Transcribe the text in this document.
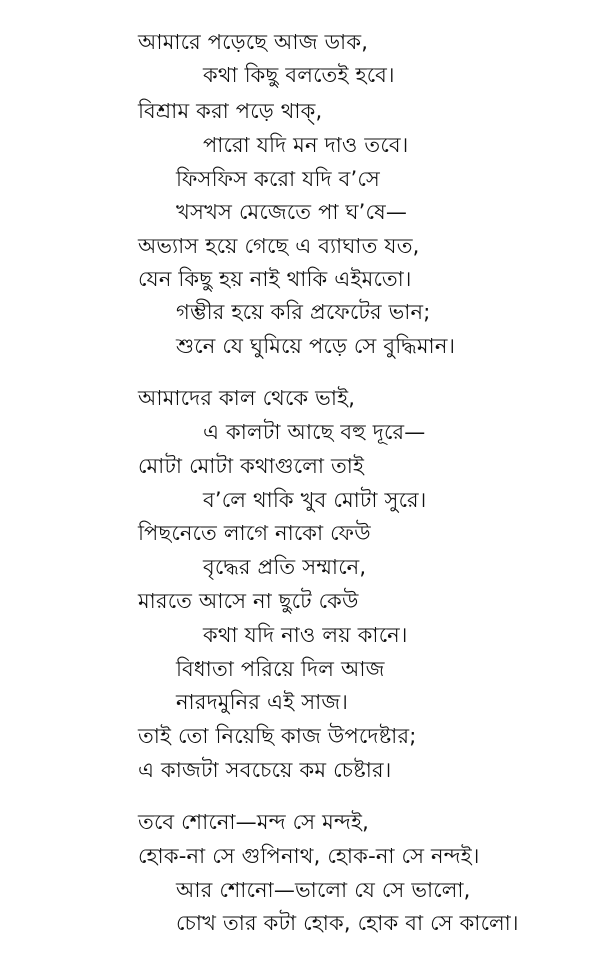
আমারে পড়েছে আজ ডাক,
কথা কিছু বলতেই হবে।
বিশ্রাম করা পড়ে থাক্,
পারো যদি মন দাও তবে।
ফিসফিস করো যদি ব’সে
খসখস মেজেতে পা ঘ’ষে—
অভ্যাস হয়ে গেছে এ ব্যাঘাত যত,
যেন কিছু হয় নাই থাকি এইমতো।
গম্ভীর হয়ে করি প্রফেটের ভান;
শুনে যে ঘুমিয়ে পড়ে সে বুদ্ধিমান।
আমাদের কাল থেকে ভাই,
এ কালটা আছে বহু দূরে—
মোটা মোটা কথাগুলো তাই
ব’লে থাকি খুব মোটা সুরে।
পিছনেতে লাগে নাকো ফেউ
বৃদ্ধের প্রতি সম্মানে,
মারতে আসে না ছুটে কেউ
কথা যদি নাও লয় কানে।
বিধাতা পরিয়ে দিল আজ
নারদমুনির এই সাজ।
তাই তো নিয়েছি কাজ উপদেষ্টার;
এ কাজটা সবচেয়ে কম চেষ্টার।
তবে শোনো—মন্দ সে মন্দই,
হোক-না সে গুপিনাথ, হোক-না সে নন্দই।
আর শোনো—ভালো যে সে ভালো,
চোখ তার কটা হোক, হোক বা সে কালো।
